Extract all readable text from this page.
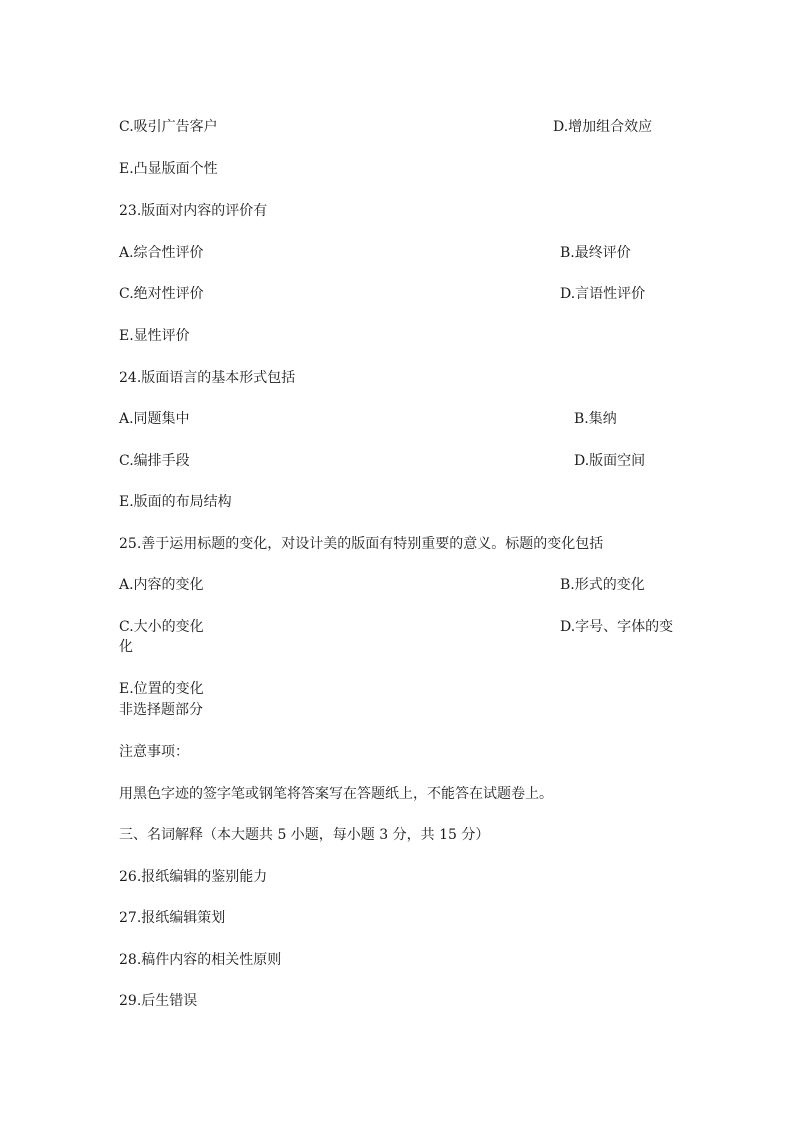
C.吸引广告客户	D.增加组合效应
E.凸显版面个性
23.版面对内容的评价有
A.综合性评价	B.最终评价
C.绝对性评价	D.言语性评价
E.显性评价
24.版面语言的基本形式包括
A.同题集中	B.集纳
C.编排手段	D.版面空间
E.版面的布局结构
25.善于运用标题的变化，对设计美的版面有特别重要的意义。标题的变化包括
A.内容的变化	B.形式的变化
C.大小的变化	D.字号、字体的变
化
E.位置的变化
非选择题部分
注意事项：
用黑色字迹的签字笔或钢笔将答案写在答题纸上，不能答在试题卷上。
三、名词解释（本大题共 5 小题，每小题 3 分，共 15 分）
26.报纸编辑的鉴别能力
27.报纸编辑策划
28.稿件内容的相关性原则
29.后生错误
